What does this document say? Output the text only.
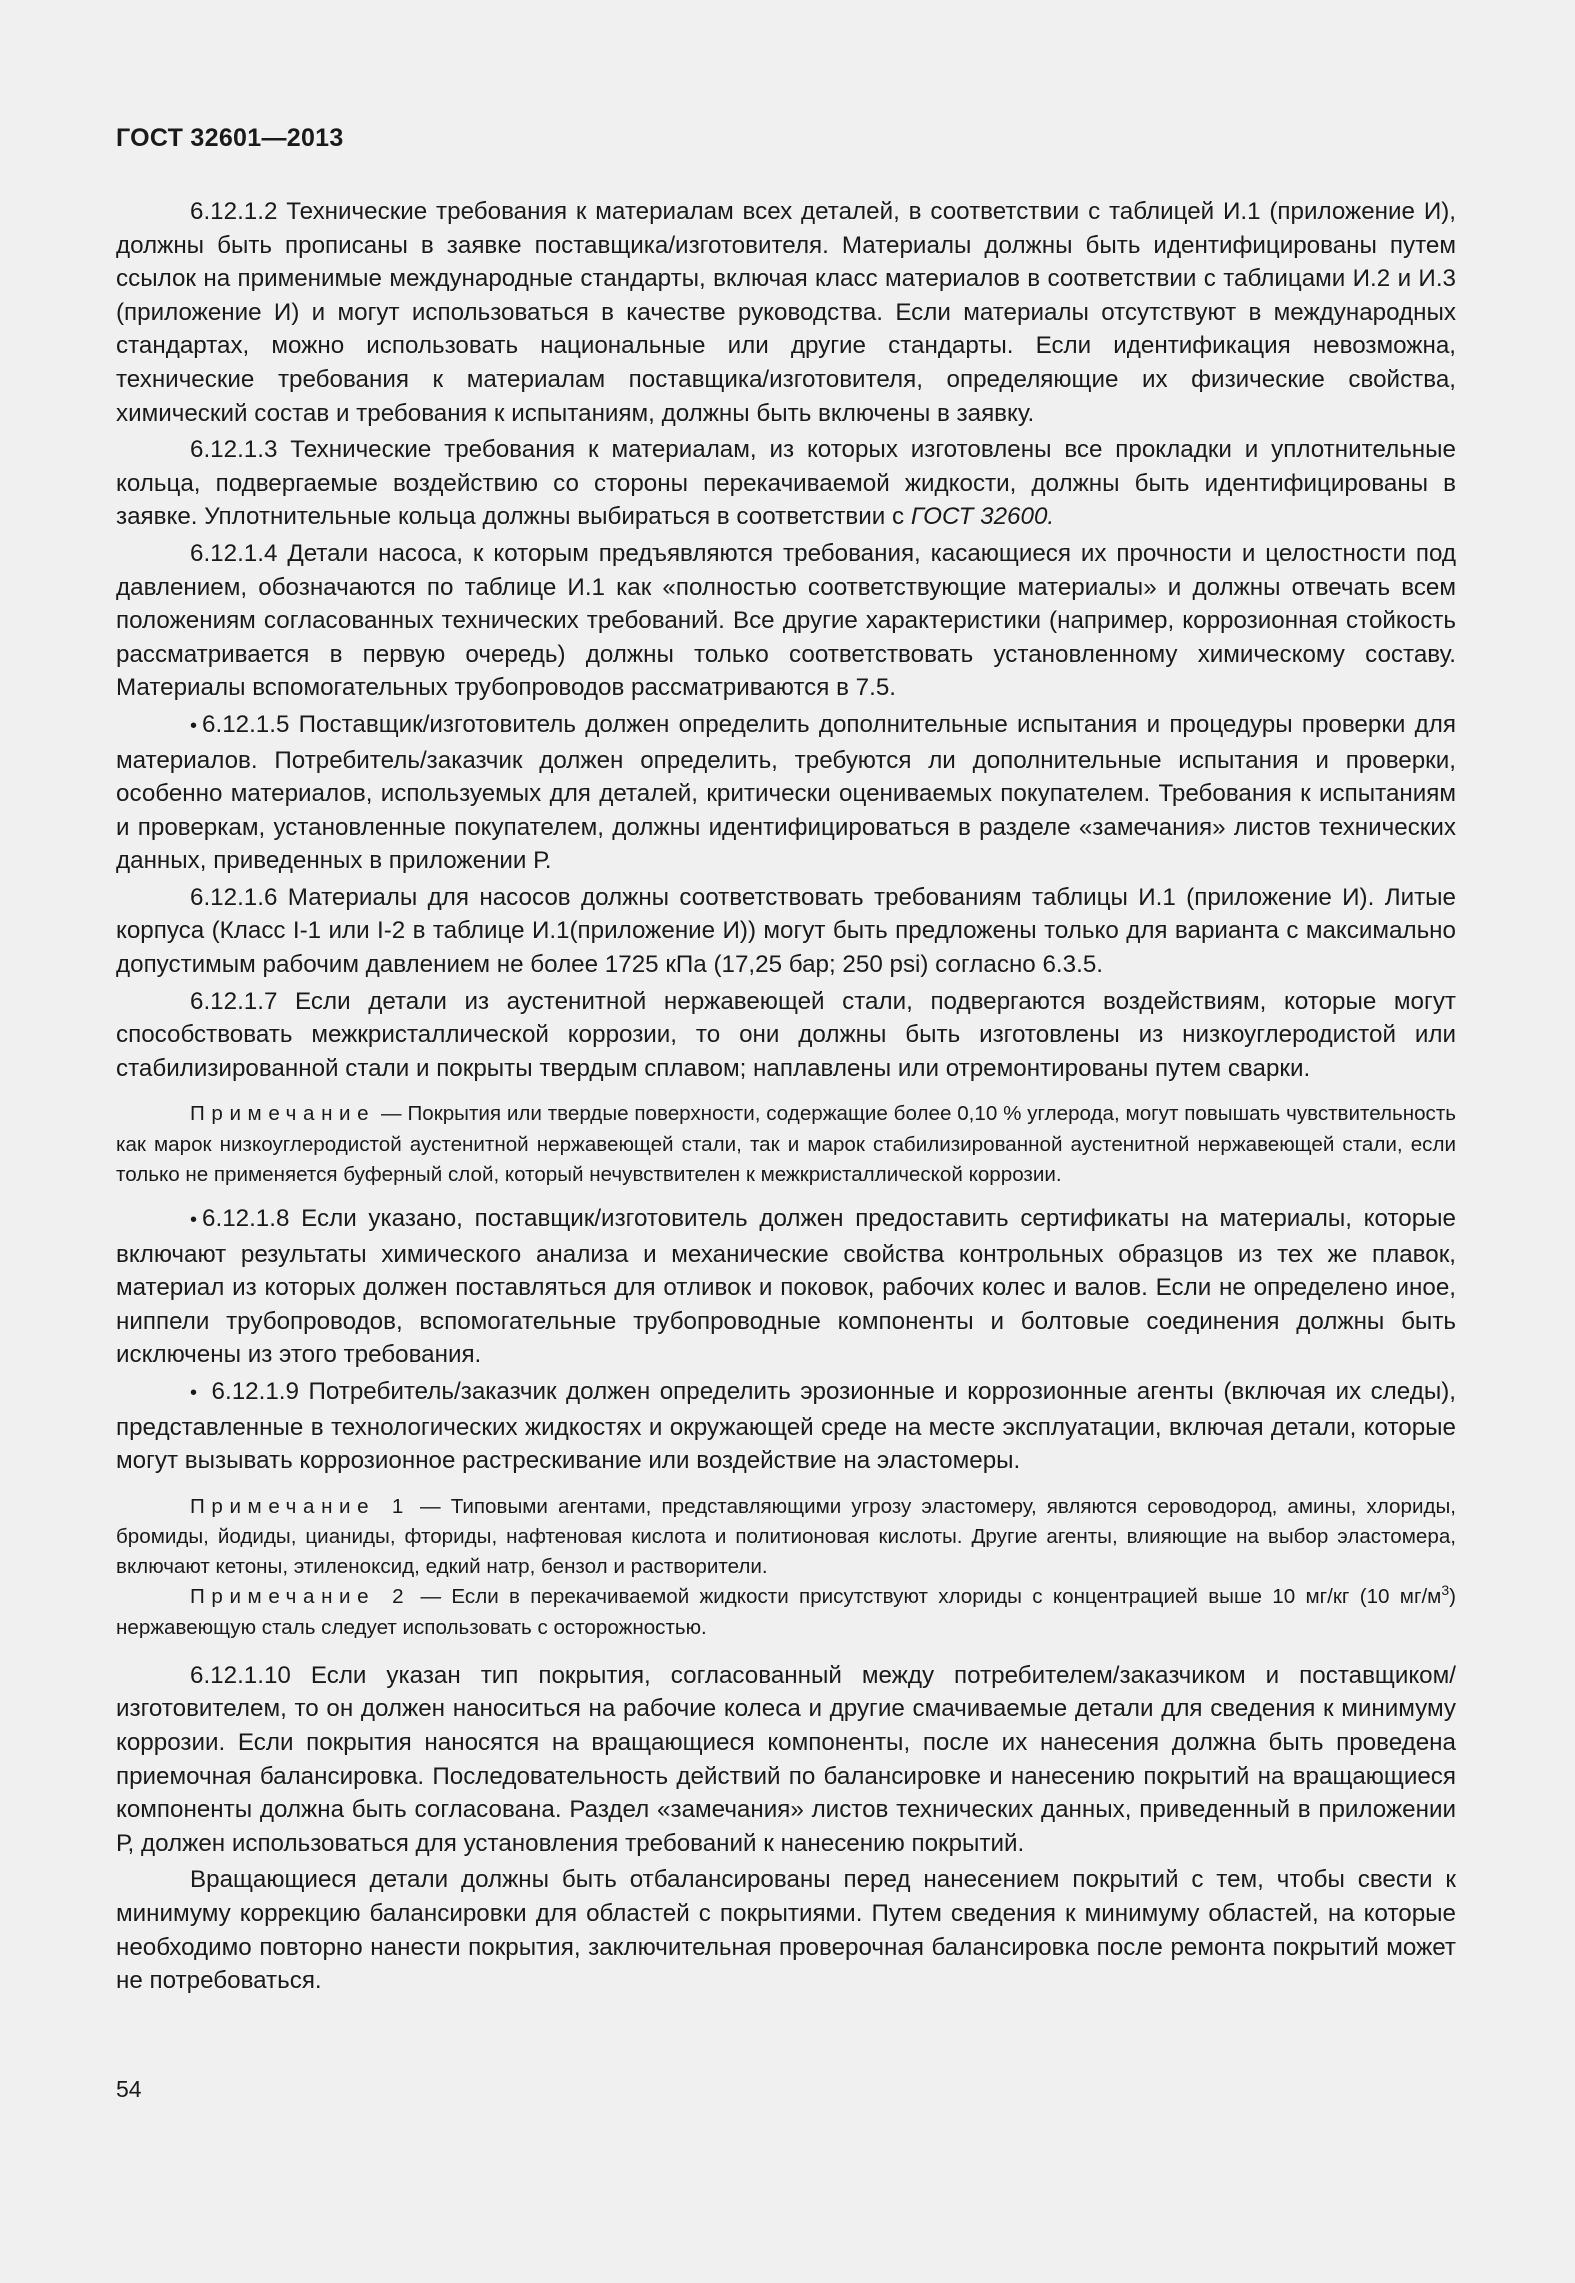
ГОСТ 32601—2013

6.12.1.2 Технические требования к материалам всех деталей, в соответствии с таблицей И.1 (приложение И), должны быть прописаны в заявке поставщика/изготовителя. Материалы должны быть идентифицированы путем ссылок на применимые международные стандарты, включая класс материалов в соответствии с таблицами И.2 и И.3 (приложение И) и могут использоваться в качестве руководства. Если материалы отсутствуют в международных стандартах, можно использовать национальные или другие стандарты. Если идентификация невозможна, технические требования к материалам поставщика/изготовителя, определяющие их физические свойства, химический состав и требования к испытаниям, должны быть включены в заявку.

6.12.1.3 Технические требования к материалам, из которых изготовлены все прокладки и уплотнительные кольца, подвергаемые воздействию со стороны перекачиваемой жидкости, должны быть идентифицированы в заявке. Уплотнительные кольца должны выбираться в соответствии с ГОСТ 32600.

6.12.1.4 Детали насоса, к которым предъявляются требования, касающиеся их прочности и целостности под давлением, обозначаются по таблице И.1 как «полностью соответствующие материалы» и должны отвечать всем положениям согласованных технических требований. Все другие характеристики (например, коррозионная стойкость рассматривается в первую очередь) должны только соответствовать установленному химическому составу. Материалы вспомогательных трубопроводов рассматриваются в 7.5.

• 6.12.1.5 Поставщик/изготовитель должен определить дополнительные испытания и процедуры проверки для материалов. Потребитель/заказчик должен определить, требуются ли дополнительные испытания и проверки, особенно материалов, используемых для деталей, критически оцениваемых покупателем. Требования к испытаниям и проверкам, установленные покупателем, должны идентифицироваться в разделе «замечания» листов технических данных, приведенных в приложении Р.

6.12.1.6 Материалы для насосов должны соответствовать требованиям таблицы И.1 (приложение И). Литые корпуса (Класс I-1 или I-2 в таблице И.1(приложение И)) могут быть предложены только для варианта с максимально допустимым рабочим давлением не более 1725 кПа (17,25 бар; 250 psi) согласно 6.3.5.

6.12.1.7 Если детали из аустенитной нержавеющей стали, подвергаются воздействиям, которые могут способствовать межкристаллической коррозии, то они должны быть изготовлены из низкоуглеродистой или стабилизированной стали и покрыты твердым сплавом; наплавлены или отремонтированы путем сварки.

Примечание — Покрытия или твердые поверхности, содержащие более 0,10 % углерода, могут повышать чувствительность как марок низкоуглеродистой аустенитной нержавеющей стали, так и марок стабилизированной аустенитной нержавеющей стали, если только не применяется буферный слой, который нечувствителен к межкристаллической коррозии.

• 6.12.1.8 Если указано, поставщик/изготовитель должен предоставить сертификаты на материалы, которые включают результаты химического анализа и механические свойства контрольных образцов из тех же плавок, материал из которых должен поставляться для отливок и поковок, рабочих колес и валов. Если не определено иное, ниппели трубопроводов, вспомогательные трубопроводные компоненты и болтовые соединения должны быть исключены из этого требования.

• 6.12.1.9 Потребитель/заказчик должен определить эрозионные и коррозионные агенты (включая их следы), представленные в технологических жидкостях и окружающей среде на месте эксплуатации, включая детали, которые могут вызывать коррозионное растрескивание или воздействие на эластомеры.

Примечание 1 — Типовыми агентами, представляющими угрозу эластомеру, являются сероводород, амины, хлориды, бромиды, йодиды, цианиды, фториды, нафтеновая кислота и политионовая кислоты. Другие агенты, влияющие на выбор эластомера, включают кетоны, этиленоксид, едкий натр, бензол и растворители.

Примечание 2 — Если в перекачиваемой жидкости присутствуют хлориды с концентрацией выше 10 мг/кг (10 $мг/м^3$) нержавеющую сталь следует использовать с осторожностью.

6.12.1.10 Если указан тип покрытия, согласованный между потребителем/заказчиком и поставщиком/изготовителем, то он должен наноситься на рабочие колеса и другие смачиваемые детали для сведения к минимуму коррозии. Если покрытия наносятся на вращающиеся компоненты, после их нанесения должна быть проведена приемочная балансировка. Последовательность действий по балансировке и нанесению покрытий на вращающиеся компоненты должна быть согласована. Раздел «замечания» листов технических данных, приведенный в приложении Р, должен использоваться для установления требований к нанесению покрытий.

Вращающиеся детали должны быть отбалансированы перед нанесением покрытий с тем, чтобы свести к минимуму коррекцию балансировки для областей с покрытиями. Путем сведения к минимуму областей, на которые необходимо повторно нанести покрытия, заключительная проверочная балансировка после ремонта покрытий может не потребоваться.

54
